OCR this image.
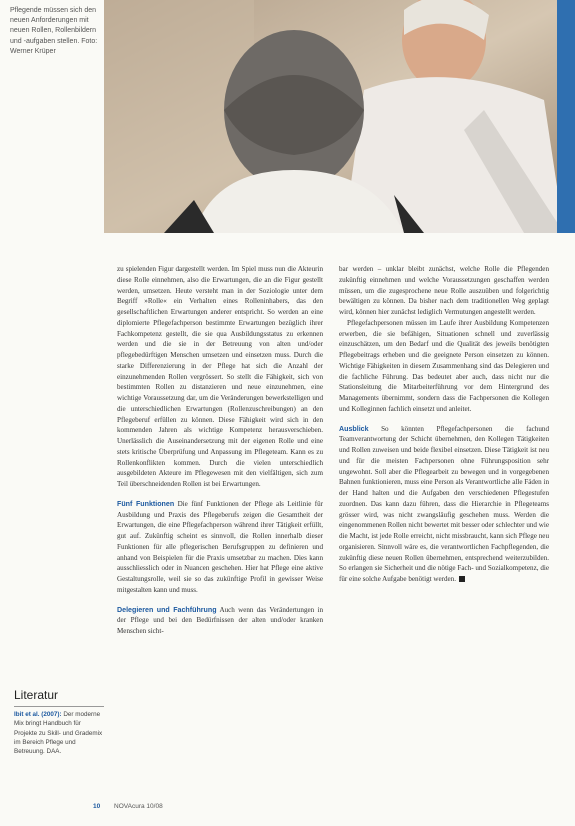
Pflegende müssen sich den neuen Anforderungen mit neuen Rollen, Rollenbildern und -aufgaben stellen. Foto: Werner Krüper

zu spielenden Figur dargestellt werden. Im Spiel muss nun die Akteurin diese Rolle einnehmen, also die Erwartungen, die an die Figur gestellt werden, umsetzen. Heute versteht man in der Soziologie unter dem Begriff »Rolle« ein Verhalten eines Rolleninhabers, das den gesellschaftlichen Erwartungen anderer entspricht. So werden an eine diplomierte Pflegefachperson bestimmte Erwartungen bezüglich ihrer Fachkompetenz gestellt, die sie qua Ausbildungsstatus zu erkennen werden und die sie in der Betreuung von alten und/oder pflegebedürftigen Menschen umsetzen und einsetzen muss. Durch die starke Differenzierung in der Pflege hat sich die Anzahl der einzunehmenden Rollen vergrössert. So stellt die Fähigkeit, sich von bestimmten Rollen zu distanzieren und neue einzunehmen, eine wichtige Voraussetzung dar, um die Veränderungen bewerkstelligen und die unterschiedlichen Erwartungen (Rollenzuschreibungen) an den Pflegeberuf erfüllen zu können. Diese Fähigkeit wird sich in den kommenden Jahren als wichtige Kompetenz herausverschieben. Unerlässlich die Auseinandersetzung mit der eigenen Rolle und eine stets kritische Überprüfung und Anpassung im Pflegeteam. Kann es zu Rollenkonflikten kommen. Durch die vielen unterschiedlich ausgebildeten Akteure im Pflegewesen mit den vielfältigen, sich zum Teil überschneidenden Rollen ist bei Erwartungen.

Fünf Funktionen Die fünf Funktionen der Pflege als Leitlinie für Ausbildung und Praxis des Pflegeberufs zeigen die Gesamtheit der Erwartungen, die eine Pflegefachperson während ihrer Tätigkeit erfüllt, gut auf. Zukünftig scheint es sinnvoll, die Rollen innerhalb dieser Funktionen für alle pflegerischen Berufsgruppen zu definieren und anhand von Beispielen für die Praxis umsetzbar zu machen. Dies kann ausschliesslich oder in Nuancen geschehen. Hier hat Pflege eine aktive Gestaltungsrolle, weil sie so das zukünftige Profil in gewisser Weise mitgestalten kann und muss.

Delegieren und Fachführung Auch wenn das Verändertungen in der Pflege und bei den Bedürfnissen der alten und/oder kranken Menschen sicht-

bar werden – unklar bleibt zunächst, welche Rolle die Pflegenden zukünftig einnehmen und welche Voraussetzungen geschaffen werden müssen, um die zugesprochene neue Rolle auszuüben und folgerichtig bewältigen zu können. Da bisher nach dem traditionellen Weg geplagt wird, können hier zunächst lediglich Vermutungen angestellt werden.

Pflegefachpersonen müssen im Laufe ihrer Ausbildung Kompetenzen erwerben, die sie befähigen, Situationen schnell und zuverlässig einzuschätzen, um den Bedarf und die Qualität des jeweils benötigten Pflegebeitrags erheben und die geeignete Person einsetzen zu können. Wichtige Fähigkeiten in diesem Zusammenhang sind das Delegieren und die fachliche Führung. Das bedeutet aber auch, dass nicht nur die Stationsleitung die Mitarbeiterführung vor dem Hintergrund des Managements übernimmt, sondern dass die Fachpersonen die Kollegen und Kolleginnen fachlich einsetzt und anleitet.

Ausblick So könnten Pflegefachpersonen die fachund Teamverantwortung der Schicht übernehmen, den Kollegen Tätigkeiten und Rollen zuweisen und beide flexibel einsetzen. Diese Tätigkeit ist neu und für die meisten Fachpersonen ohne Führungsposition sehr ungewohnt. Soll aber die Pflegearbeit zu bewegen und in vorgegebenen Bahnen funktionieren, muss eine Person als Verantwortliche alle Fäden in der Hand halten und die Aufgaben den verschiedenen Pflegestufen zuordnen. Das kann dazu führen, dass die Hierarchie in Pflegeteams grösser wird, was nicht zwangsläufig geschehen muss. Werden die eingenommenen Rollen nicht bewertet mit besser oder schlechter und wie die Macht, ist jede Rolle erreicht, nicht missbraucht, kann sich Pflege neu organisieren. Sinnvoll wäre es, die verantwortlichen Fachpflegenden, die zukünftig diese neuen Rollen übernehmen, entsprechend weiterzubilden. So erlangen sie Sicherheit und die nötige Fach- und Sozialkompetenz, die für eine solche Aufgabe benötigt werden.

Literatur
Ibit et al. (2007): Der moderne Mix bringt Handbuch für Projekte zu Skill- und Grademix im Bereich Pflege und Betreuung. DAA.
10 NOVAcura 10/08
